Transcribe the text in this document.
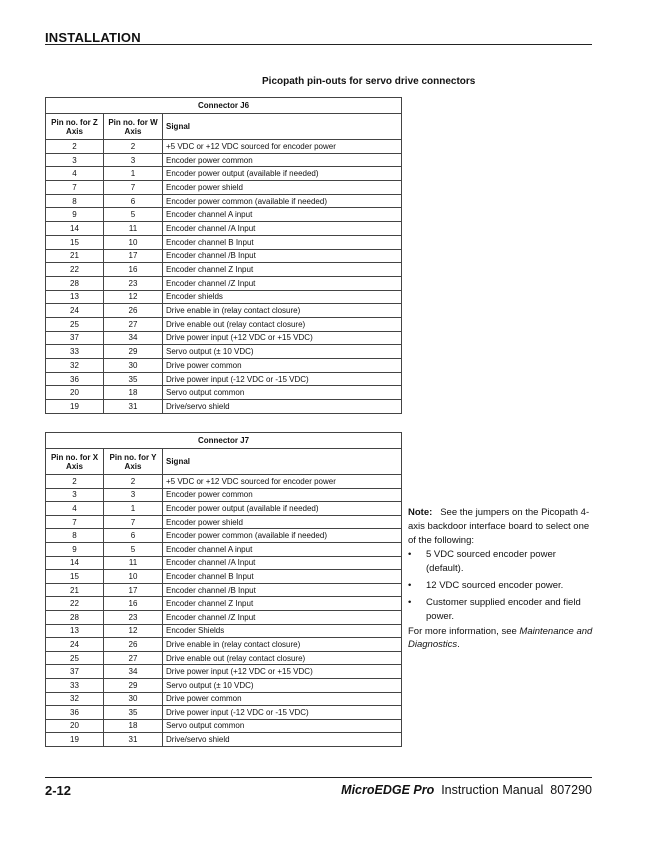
INSTALLATION
Picopath pin-outs for servo drive connectors
Connector J6		
Pin no. for Z Axis	Pin no. for W Axis	Signal
2	2	+5 VDC or +12 VDC sourced for encoder power
3	3	Encoder power common
4	1	Encoder power output (available if needed)
7	7	Encoder power shield
8	6	Encoder power common (available if needed)
9	5	Encoder channel A input
14	11	Encoder channel /A Input
15	10	Encoder channel B Input
21	17	Encoder channel /B Input
22	16	Encoder channel Z Input
28	23	Encoder channel /Z Input
13	12	Encoder shields
24	26	Drive enable in (relay contact closure)
25	27	Drive enable out (relay contact closure)
37	34	Drive power input (+12 VDC or +15 VDC)
33	29	Servo output (± 10 VDC)
32	30	Drive power common
36	35	Drive power input (-12 VDC or -15 VDC)
20	18	Servo output common
19	31	Drive/servo shield
Connector J7		
Pin no. for X Axis	Pin no. for Y Axis	Signal
2	2	+5 VDC or +12 VDC sourced for encoder power
3	3	Encoder power common
4	1	Encoder power output (available if needed)
7	7	Encoder power shield
8	6	Encoder power common (available if needed)
9	5	Encoder channel A input
14	11	Encoder channel /A Input
15	10	Encoder channel B Input
21	17	Encoder channel /B Input
22	16	Encoder channel Z Input
28	23	Encoder channel /Z Input
13	12	Encoder Shields
24	26	Drive enable in (relay contact closure)
25	27	Drive enable out (relay contact closure)
37	34	Drive power input (+12 VDC or +15 VDC)
33	29	Servo output (± 10 VDC)
32	30	Drive power common
36	35	Drive power input (-12 VDC or -15 VDC)
20	18	Servo output common
19	31	Drive/servo shield
Note: See the jumpers on the Picopath 4-axis backdoor interface board to select one of the following:
• 5 VDC sourced encoder power (default).
• 12 VDC sourced encoder power.
• Customer supplied encoder and field power.
For more information, see Maintenance and Diagnostics.
2-12	MicroEDGE Pro Instruction Manual 807290
